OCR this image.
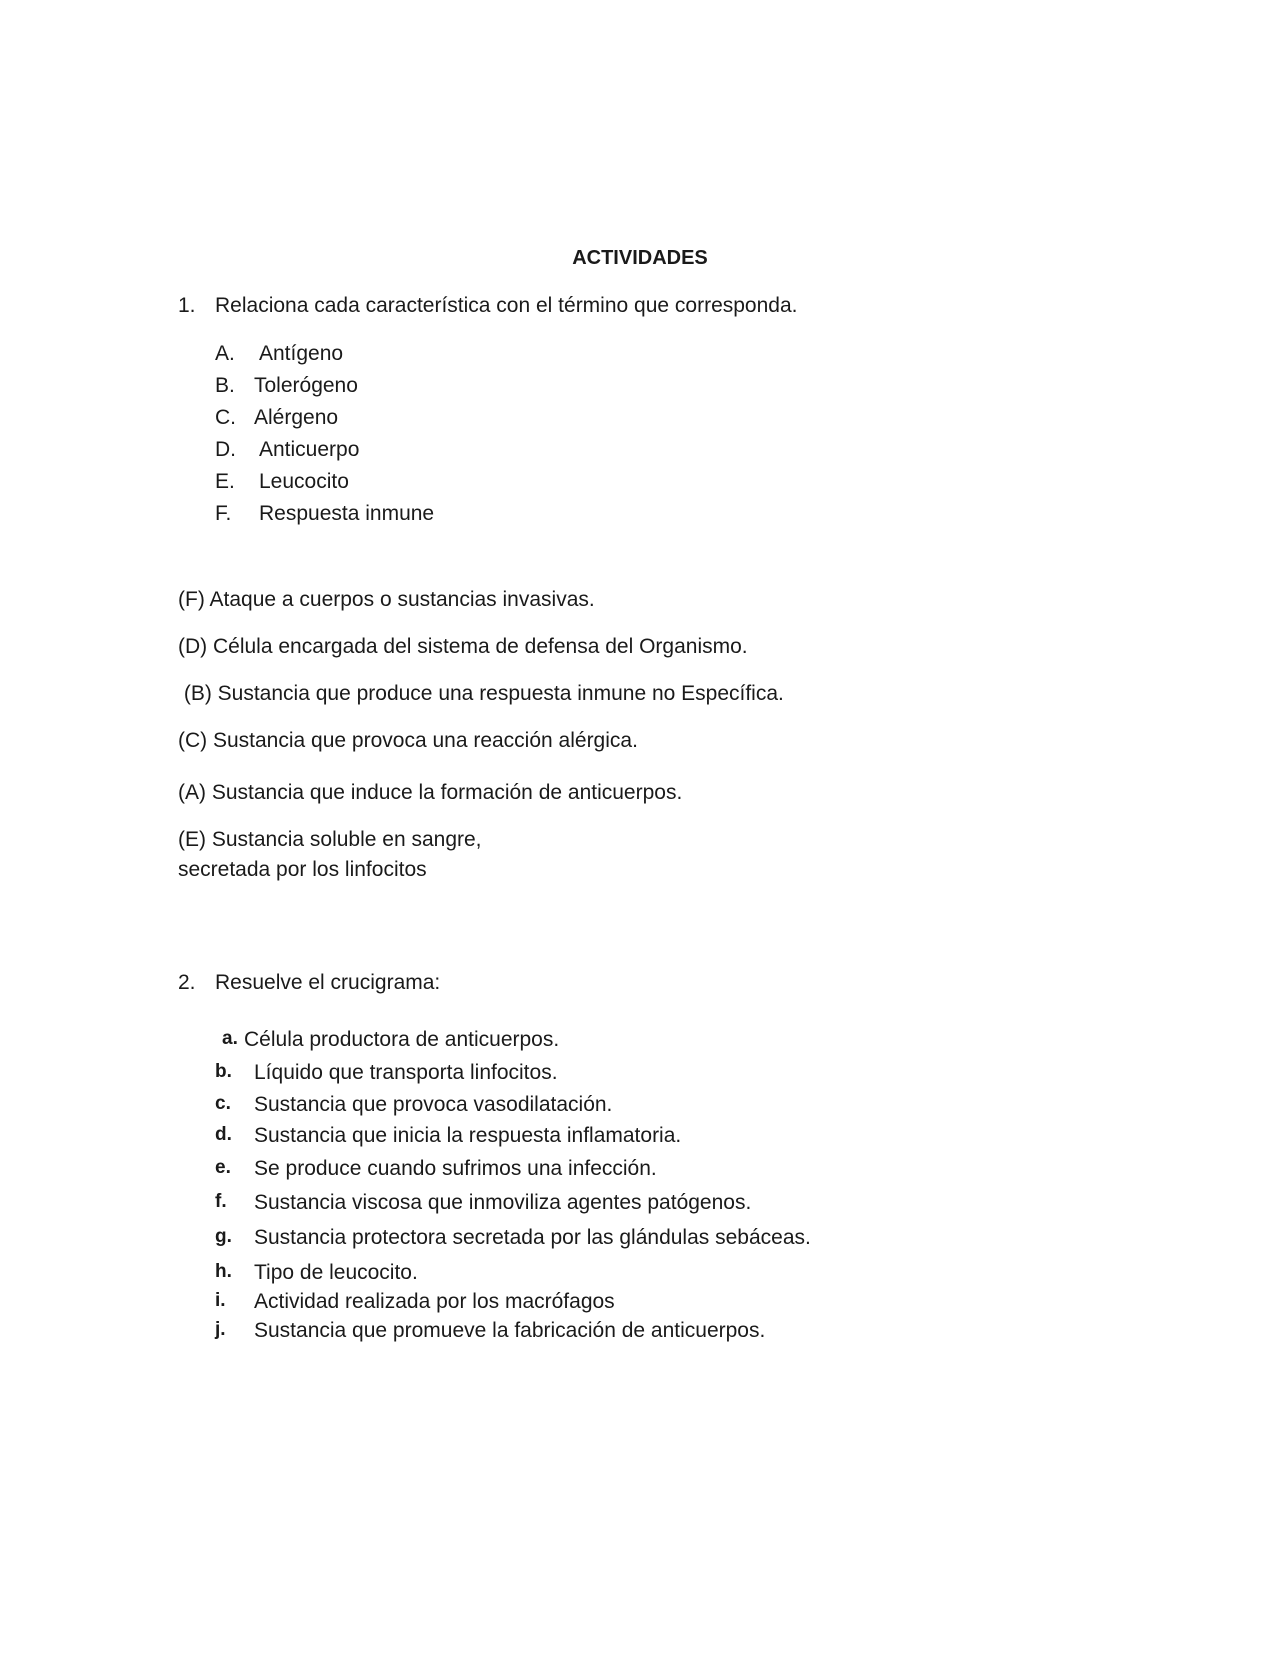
ACTIVIDADES
1. Relaciona cada característica con el término que corresponda.
A. Antígeno
B. Tolerógeno
C. Alérgeno
D. Anticuerpo
E. Leucocito
F. Respuesta inmune
(F) Ataque a cuerpos o sustancias invasivas.
(D) Célula encargada del sistema de defensa del Organismo.
(B) Sustancia que produce una respuesta inmune no Específica.
(C) Sustancia que provoca una reacción alérgica.
(A) Sustancia que induce la formación de anticuerpos.
(E) Sustancia soluble en sangre,
secretada por los linfocitos
2. Resuelve el crucigrama:
a. Célula productora de anticuerpos.
b. Líquido que transporta linfocitos.
c. Sustancia que provoca vasodilatación.
d. Sustancia que inicia la respuesta inflamatoria.
e. Se produce cuando sufrimos una infección.
f. Sustancia viscosa que inmoviliza agentes patógenos.
g. Sustancia protectora secretada por las glándulas sebáceas.
h. Tipo de leucocito.
i. Actividad realizada por los macrófagos
j. Sustancia que promueve la fabricación de anticuerpos.
